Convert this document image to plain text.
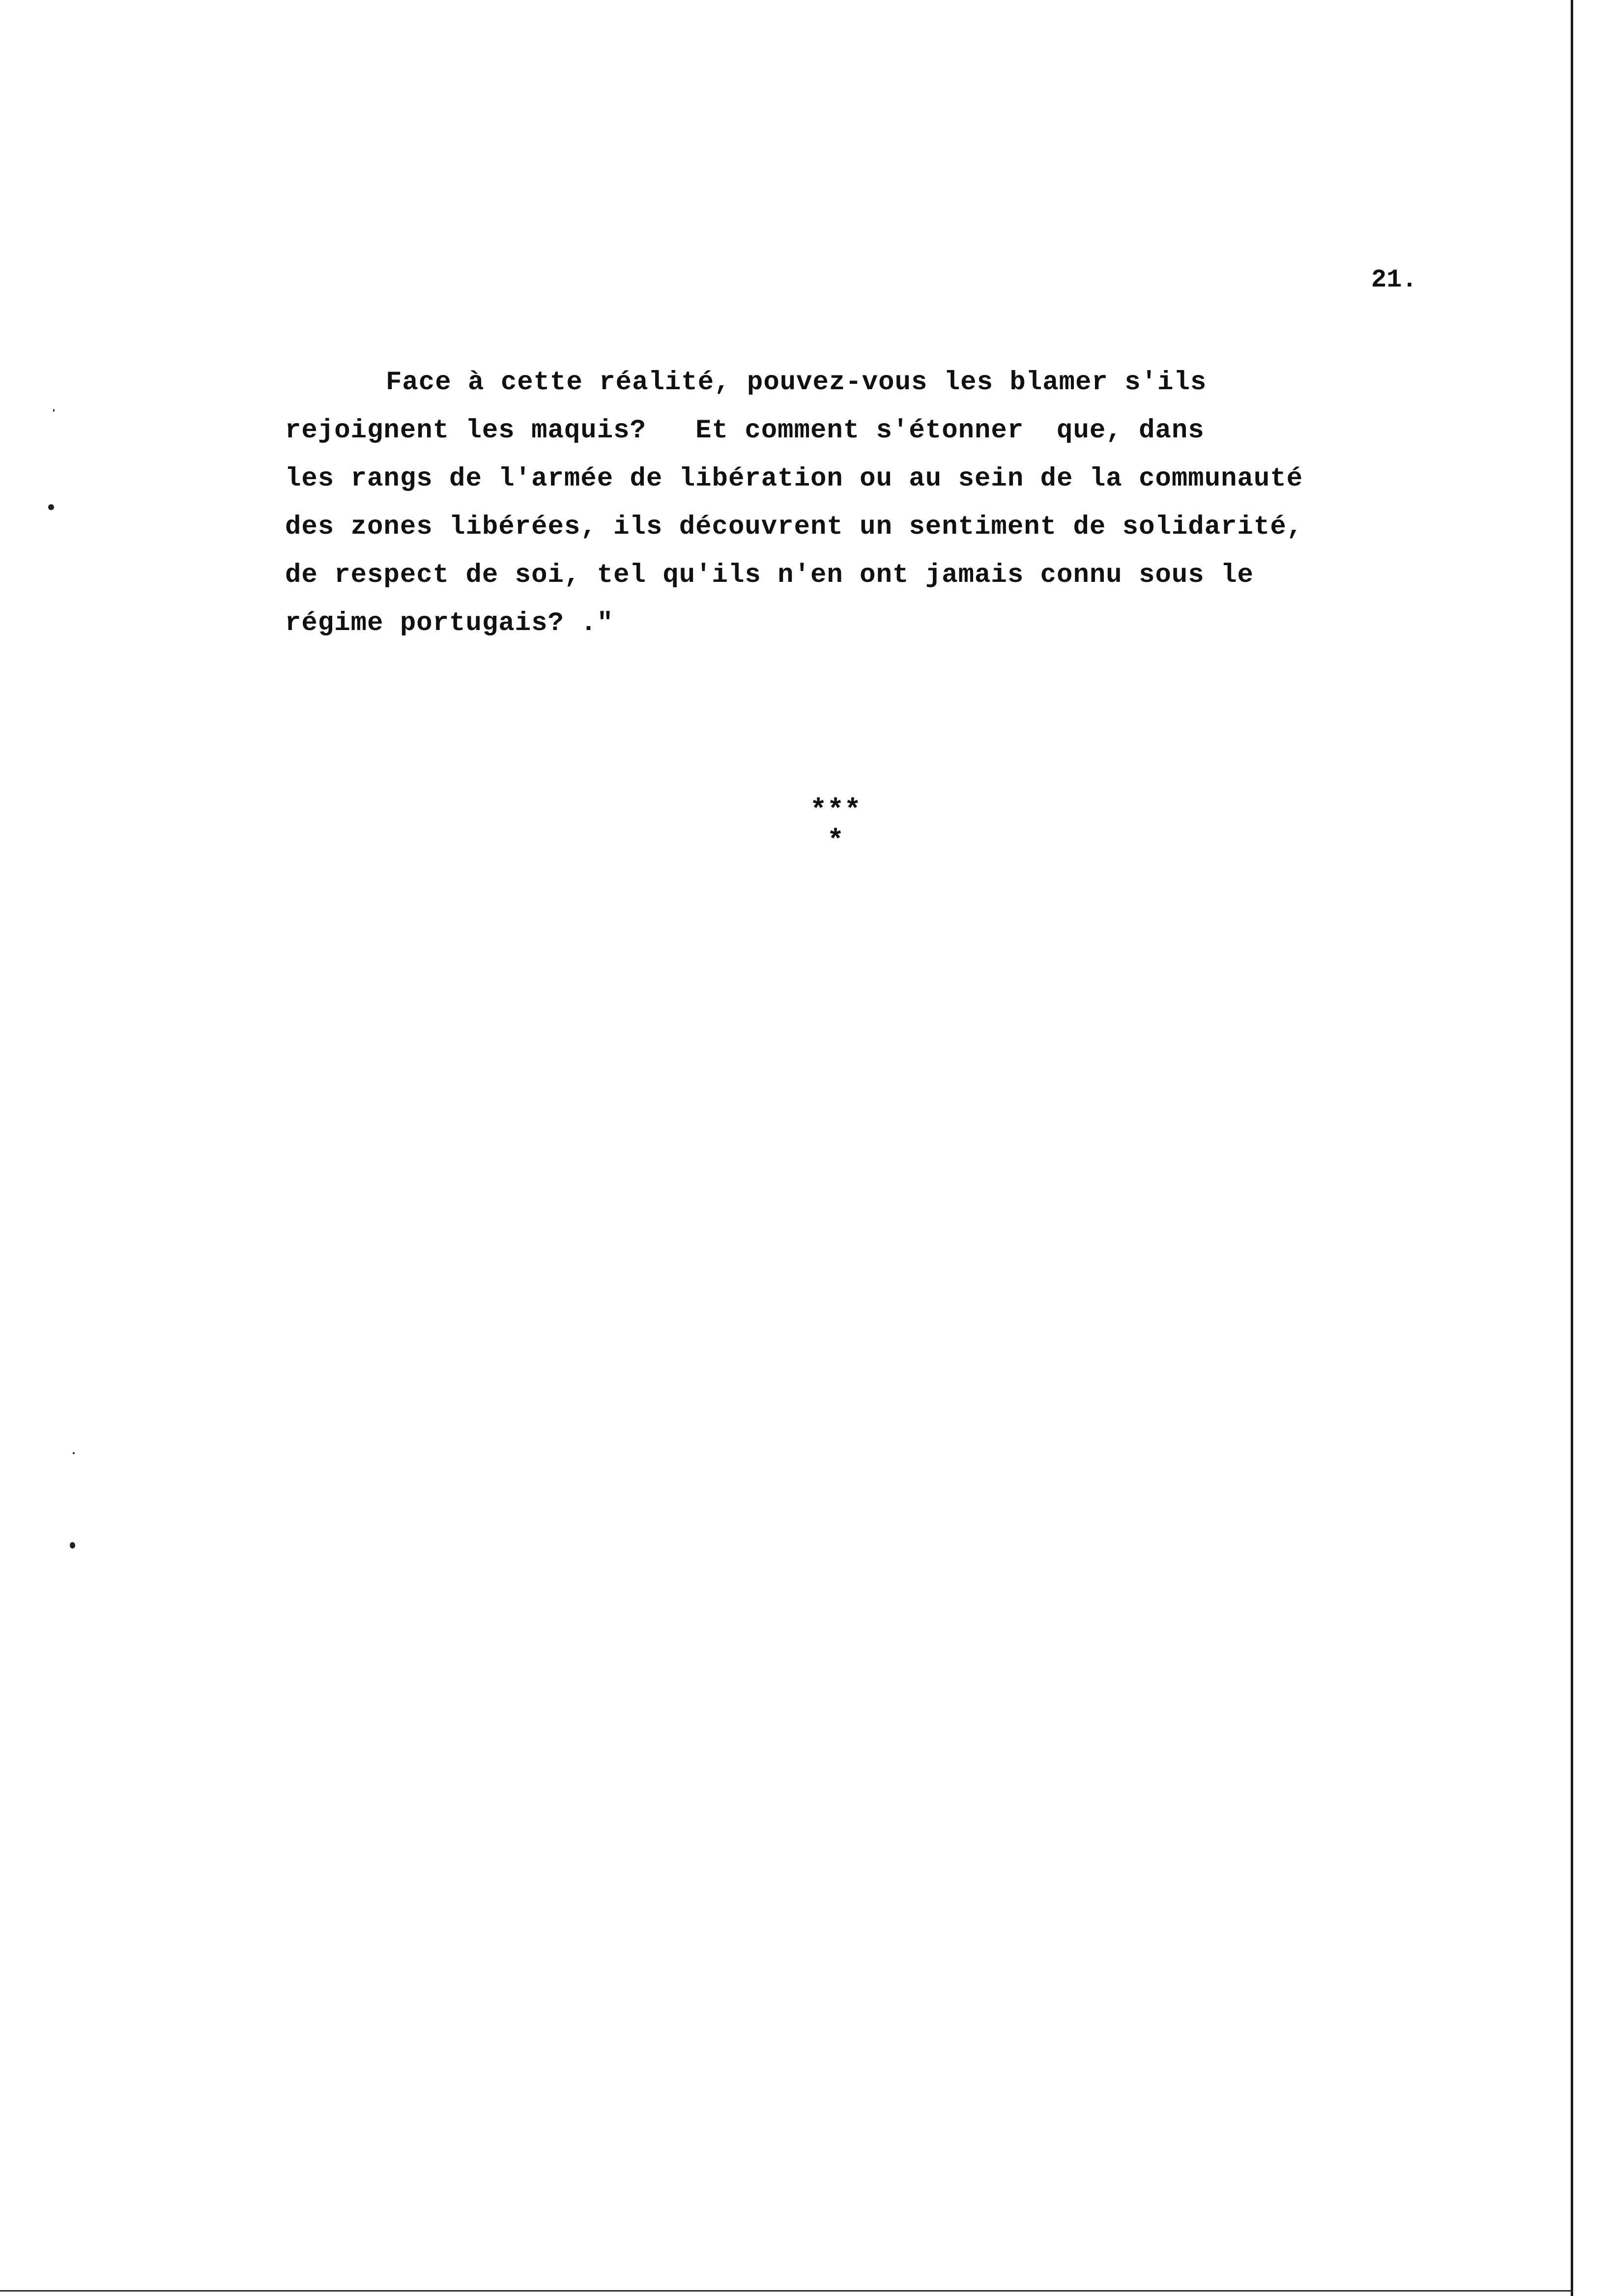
21.
Face à cette réalité, pouvez-vous les blamer s'ils
rejoignent les maquis?   Et comment s'étonner  que, dans
les rangs de l'armée de libération ou au sein de la communauté
des zones libérées, ils découvrent un sentiment de solidarité,
de respect de soi, tel qu'ils n'en ont jamais connu sous le
régime portugais? ."
***
*
